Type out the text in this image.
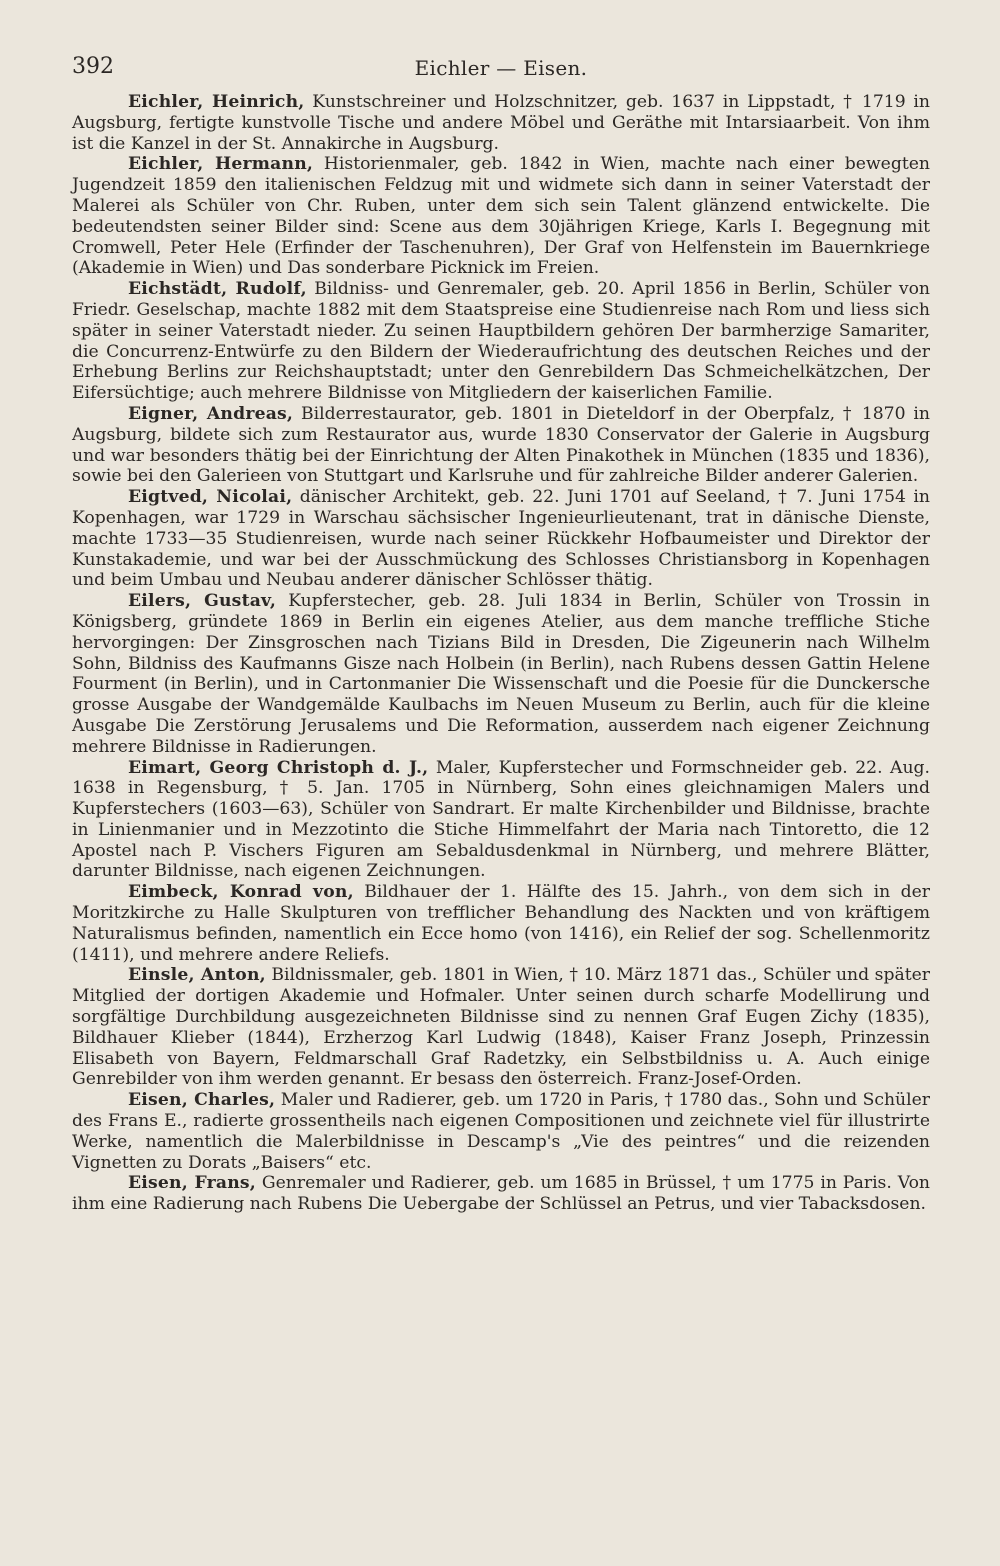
392	Eichler — Eisen.

Eichler, Heinrich, Kunstschreiner und Holzschnitzer, geb. 1637 in Lippstadt, † 1719 in Augsburg, fertigte kunstvolle Tische und andere Möbel und Geräthe mit Intarsiaarbeit. Von ihm ist die Kanzel in der St. Annakirche in Augsburg.

Eichler, Hermann, Historienmaler, geb. 1842 in Wien, machte nach einer bewegten Jugendzeit 1859 den italienischen Feldzug mit und widmete sich dann in seiner Vaterstadt der Malerei als Schüler von Chr. Ruben, unter dem sich sein Talent glänzend entwickelte. Die bedeutendsten seiner Bilder sind: Scene aus dem 30jährigen Kriege, Karls I. Begegnung mit Cromwell, Peter Hele (Erfinder der Taschenuhren), Der Graf von Helfenstein im Bauernkriege (Akademie in Wien) und Das sonderbare Picknick im Freien.

Eichstädt, Rudolf, Bildniss- und Genremaler, geb. 20. April 1856 in Berlin, Schüler von Friedr. Geselschap, machte 1882 mit dem Staatspreise eine Studienreise nach Rom und liess sich später in seiner Vaterstadt nieder. Zu seinen Hauptbildern gehören Der barmherzige Samariter, die Concurrenz-Entwürfe zu den Bildern der Wiederaufrichtung des deutschen Reiches und der Erhebung Berlins zur Reichshauptstadt; unter den Genrebildern Das Schmeichelkätzchen, Der Eifersüchtige; auch mehrere Bildnisse von Mitgliedern der kaiserlichen Familie.

Eigner, Andreas, Bilderrestaurator, geb. 1801 in Dieteldorf in der Oberpfalz, † 1870 in Augsburg, bildete sich zum Restaurator aus, wurde 1830 Conservator der Galerie in Augsburg und war besonders thätig bei der Einrichtung der Alten Pinakothek in München (1835 und 1836), sowie bei den Galerieen von Stuttgart und Karlsruhe und für zahlreiche Bilder anderer Galerien.

Eigtved, Nicolai, dänischer Architekt, geb. 22. Juni 1701 auf Seeland, † 7. Juni 1754 in Kopenhagen, war 1729 in Warschau sächsischer Ingenieurlieutenant, trat in dänische Dienste, machte 1733—35 Studienreisen, wurde nach seiner Rückkehr Hofbaumeister und Direktor der Kunstakademie, und war bei der Ausschmückung des Schlosses Christiansborg in Kopenhagen und beim Umbau und Neubau anderer dänischer Schlösser thätig.

Eilers, Gustav, Kupferstecher, geb. 28. Juli 1834 in Berlin, Schüler von Trossin in Königsberg, gründete 1869 in Berlin ein eigenes Atelier, aus dem manche treffliche Stiche hervorgingen: Der Zinsgroschen nach Tizians Bild in Dresden, Die Zigeunerin nach Wilhelm Sohn, Bildniss des Kaufmanns Gisze nach Holbein (in Berlin), nach Rubens dessen Gattin Helene Fourment (in Berlin), und in Cartonmanier Die Wissenschaft und die Poesie für die Dunckersche grosse Ausgabe der Wandgemälde Kaulbachs im Neuen Museum zu Berlin, auch für die kleine Ausgabe Die Zerstörung Jerusalems und Die Reformation, ausserdem nach eigener Zeichnung mehrere Bildnisse in Radierungen.

Eimart, Georg Christoph d. J., Maler, Kupferstecher und Formschneider geb. 22. Aug. 1638 in Regensburg, † 5. Jan. 1705 in Nürnberg, Sohn eines gleichnamigen Malers und Kupferstechers (1603—63), Schüler von Sandrart. Er malte Kirchenbilder und Bildnisse, brachte in Linienmanier und in Mezzotinto die Stiche Himmelfahrt der Maria nach Tintoretto, die 12 Apostel nach P. Vischers Figuren am Sebaldusdenkmal in Nürnberg, und mehrere Blätter, darunter Bildnisse, nach eigenen Zeichnungen.

Eimbeck, Konrad von, Bildhauer der 1. Hälfte des 15. Jahrh., von dem sich in der Moritzkirche zu Halle Skulpturen von trefflicher Behandlung des Nackten und von kräftigem Naturalismus befinden, namentlich ein Ecce homo (von 1416), ein Relief der sog. Schellenmoritz (1411), und mehrere andere Reliefs.

Einsle, Anton, Bildnissmaler, geb. 1801 in Wien, † 10. März 1871 das., Schüler und später Mitglied der dortigen Akademie und Hofmaler. Unter seinen durch scharfe Modellirung und sorgfältige Durchbildung ausgezeichneten Bildnisse sind zu nennen Graf Eugen Zichy (1835), Bildhauer Klieber (1844), Erzherzog Karl Ludwig (1848), Kaiser Franz Joseph, Prinzessin Elisabeth von Bayern, Feldmarschall Graf Radetzky, ein Selbstbildniss u. A. Auch einige Genrebilder von ihm werden genannt. Er besass den österreich. Franz-Josef-Orden.

Eisen, Charles, Maler und Radierer, geb. um 1720 in Paris, † 1780 das., Sohn und Schüler des Frans E., radierte grossentheils nach eigenen Compositionen und zeichnete viel für illustrirte Werke, namentlich die Malerbildnisse in Descamp's „Vie des peintres“ und die reizenden Vignetten zu Dorats „Baisers“ etc.

Eisen, Frans, Genremaler und Radierer, geb. um 1685 in Brüssel, † um 1775 in Paris. Von ihm eine Radierung nach Rubens Die Uebergabe der Schlüssel an Petrus, und vier Tabacksdosen.
